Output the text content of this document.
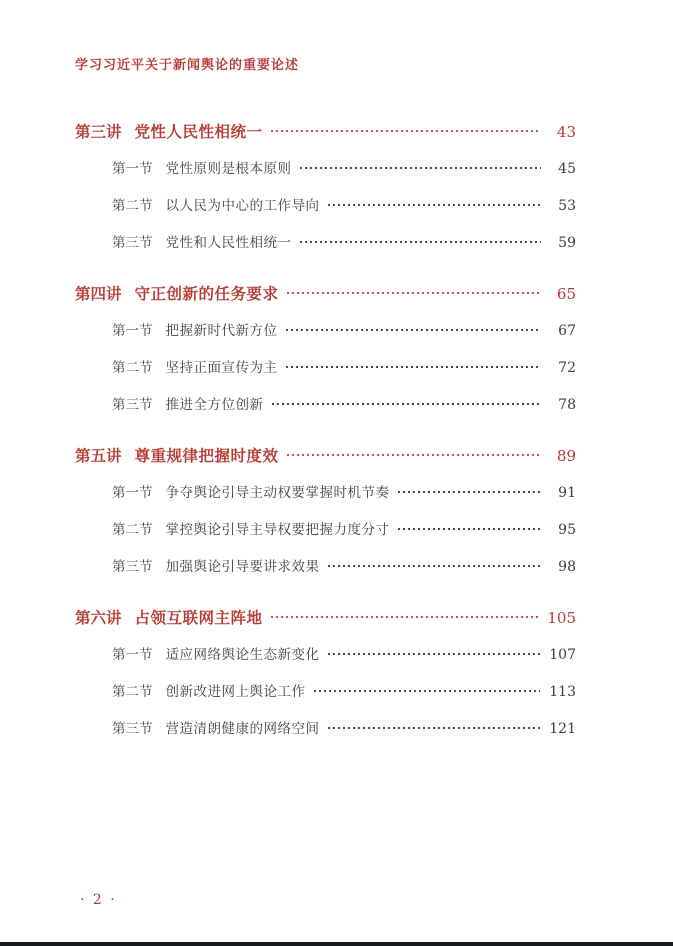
学习习近平关于新闻舆论的重要论述
第三讲 党性人民性相统一	43
第一节 党性原则是根本原则	45
第二节 以人民为中心的工作导向	53
第三节 党性和人民性相统一	59
第四讲 守正创新的任务要求	65
第一节 把握新时代新方位	67
第二节 坚持正面宣传为主	72
第三节 推进全方位创新	78
第五讲 尊重规律把握时度效	89
第一节 争夺舆论引导主动权要掌握时机节奏	91
第二节 掌控舆论引导主导权要把握力度分寸	95
第三节 加强舆论引导要讲求效果	98
第六讲 占领互联网主阵地	105
第一节 适应网络舆论生态新变化	107
第二节 创新改进网上舆论工作	113
第三节 营造清朗健康的网络空间	121
· 2 ·
